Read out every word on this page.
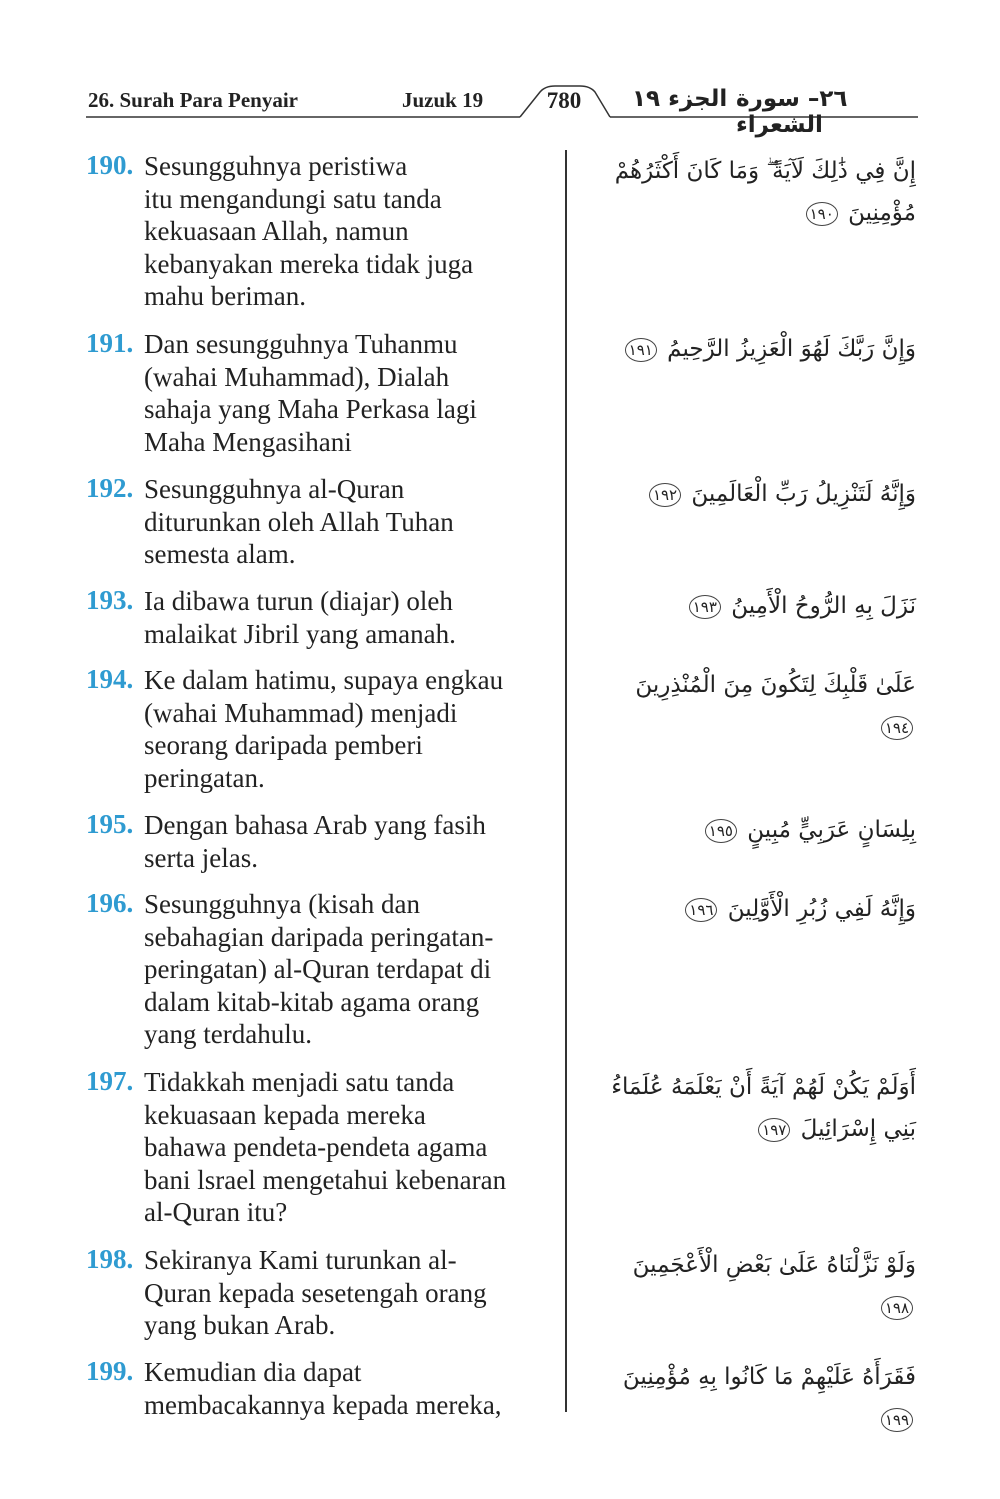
26. Surah Para Penyair	Juzuk 19	780	الجزء ١٩ ٢٦– سورة الشعراء
190. Sesungguhnya peristiwa
itu mengandungi satu tanda
kekuasaan Allah, namun
kebanyakan mereka tidak juga
mahu beriman.
إِنَّ فِي ذَٰلِكَ لَآيَةً ۖ وَمَا كَانَ أَكْثَرُهُمْ مُؤْمِنِينَ ١٩٠
191. Dan sesungguhnya Tuhanmu
(wahai Muhammad), Dialah
sahaja yang Maha Perkasa lagi
Maha Mengasihani
وَإِنَّ رَبَّكَ لَهُوَ الْعَزِيزُ الرَّحِيمُ ١٩١
192. Sesungguhnya al-Quran
diturunkan oleh Allah Tuhan
semesta alam.
وَإِنَّهُ لَتَنْزِيلُ رَبِّ الْعَالَمِينَ ١٩٢
193. Ia dibawa turun (diajar) oleh
malaikat Jibril yang amanah.
نَزَلَ بِهِ الرُّوحُ الْأَمِينُ ١٩٣
194. Ke dalam hatimu, supaya engkau
(wahai Muhammad) menjadi
seorang daripada pemberi
peringatan.
عَلَىٰ قَلْبِكَ لِتَكُونَ مِنَ الْمُنْذِرِينَ ١٩٤
195. Dengan bahasa Arab yang fasih
serta jelas.
بِلِسَانٍ عَرَبِيٍّ مُبِينٍ ١٩٥
196. Sesungguhnya (kisah dan
sebahagian daripada peringatan-
peringatan) al-Quran terdapat di
dalam kitab-kitab agama orang
yang terdahulu.
وَإِنَّهُ لَفِي زُبُرِ الْأَوَّلِينَ ١٩٦
197. Tidakkah menjadi satu tanda
kekuasaan kepada mereka
bahawa pendeta-pendeta agama
bani lsrael mengetahui kebenaran
al-Quran itu?
أَوَلَمْ يَكُنْ لَهُمْ آيَةً أَنْ يَعْلَمَهُ عُلَمَاءُ بَنِي إِسْرَائِيلَ ١٩٧
198. Sekiranya Kami turunkan al-
Quran kepada sesetengah orang
yang bukan Arab.
وَلَوْ نَزَّلْنَاهُ عَلَىٰ بَعْضِ الْأَعْجَمِينَ ١٩٨
199. Kemudian dia dapat
membacakannya kepada mereka,
فَقَرَأَهُ عَلَيْهِمْ مَا كَانُوا بِهِ مُؤْمِنِينَ ١٩٩
